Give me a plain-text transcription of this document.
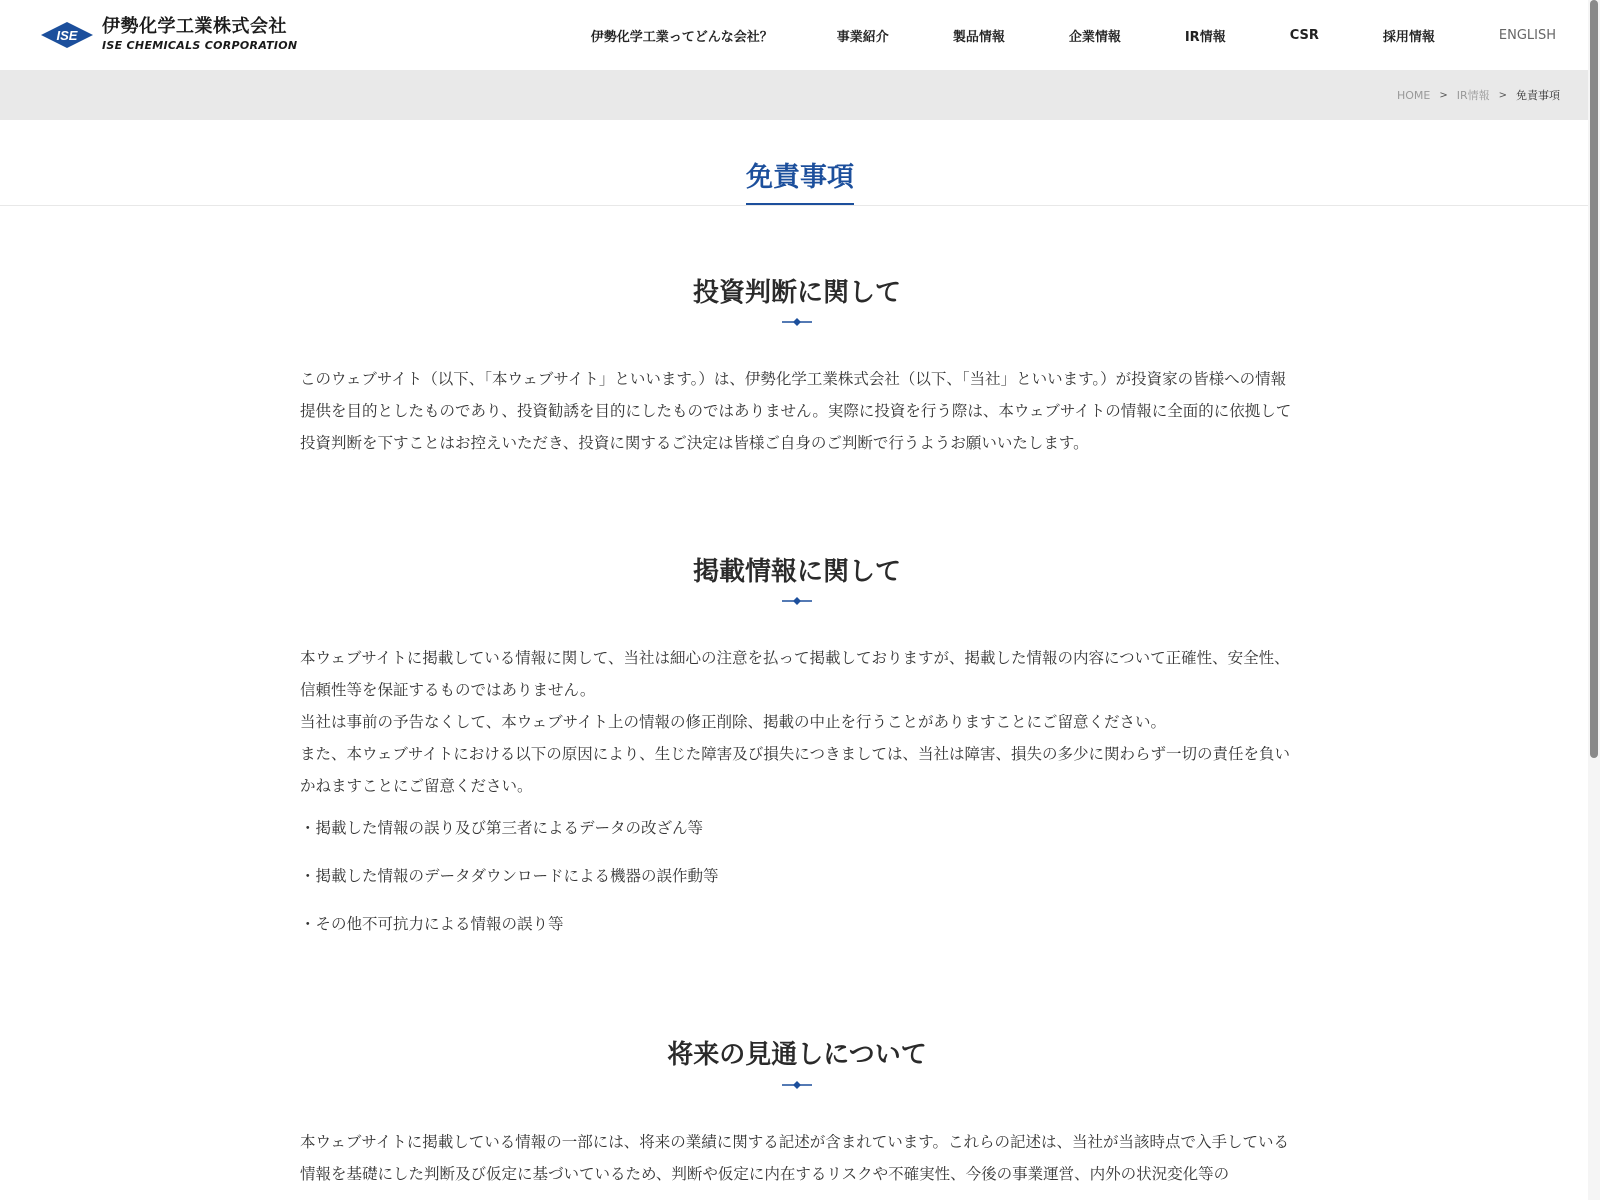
ISE 伊勢化学工業株式会社
ISE CHEMICALS CORPORATION
伊勢化学工業ってどんな会社？	事業紹介	製品情報	企業情報	IR情報	CSR	採用情報	ENGLISH
HOME > IR情報 > 免責事項
免責事項
投資判断に関して

このウェブサイト（以下、「本ウェブサイト」といいます。）は、伊勢化学工業株式会社（以下、「当社」といいます。）が投資家の皆様への情報提供を目的としたものであり、投資勧誘を目的にしたものではありません。実際に投資を行う際は、本ウェブサイトの情報に全面的に依拠して投資判断を下すことはお控えいただき、投資に関するご決定は皆様ご自身のご判断で行うようお願いいたします。

掲載情報に関して

本ウェブサイトに掲載している情報に関して、当社は細心の注意を払って掲載しておりますが、掲載した情報の内容について正確性、安全性、信頼性等を保証するものではありません。

当社は事前の予告なくして、本ウェブサイト上の情報の修正削除、掲載の中止を行うことがありますことにご留意ください。

また、本ウェブサイトにおける以下の原因により、生じた障害及び損失につきましては、当社は障害、損失の多少に関わらず一切の責任を負いかねますことにご留意ください。

・掲載した情報の誤り及び第三者によるデータの改ざん等

・掲載した情報のデータダウンロードによる機器の誤作動等

・その他不可抗力による情報の誤り等

将来の見通しについて

本ウェブサイトに掲載している情報の一部には、将来の業績に関する記述が含まれています。これらの記述は、当社が当該時点で入手している情報を基礎にした判断及び仮定に基づいているため、判断や仮定に内在するリスクや不確実性、今後の事業運営、内外の状況変化等の
